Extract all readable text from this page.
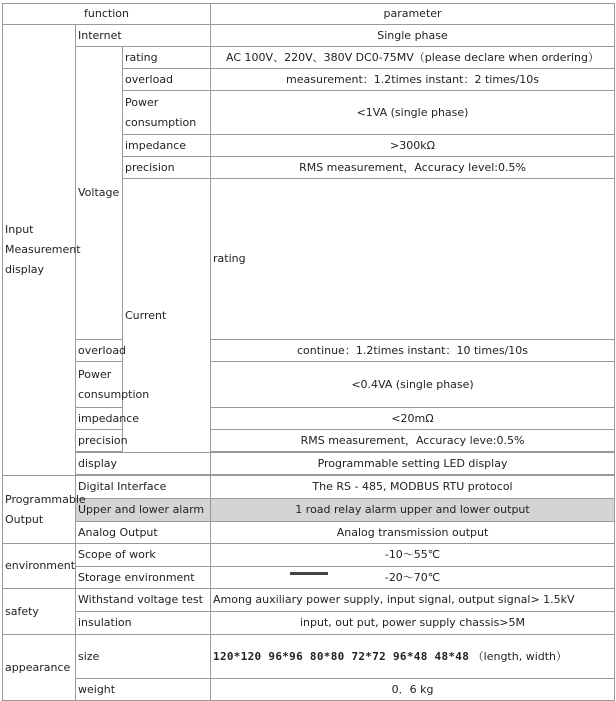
function			parameter	
Input Measurement display	Internet		Single phase	
	Voltage	rating	AC 100V、220V、380V DC0-75MV（please declare when ordering）	
		overload	measurement：1.2times instant：2 times/10s	
		Power consumption	<1VA (single phase)	
		impedance	>300kΩ	
		precision	RMS measurement，Accuracy level:0.5%	
		Current	rating	
	overload		continue：1.2times instant：10 times/10s	
	Power consumption		<0.4VA (single phase)	
	impedance		<20mΩ	
	precision		RMS measurement，Accuracy leve:0.5%	

	display		Programmable setting LED display	

Programmable Output	Digital Interface		The RS - 485, MODBUS RTU protocol	
	Upper and lower alarm		1 road relay alarm upper and lower output	
	Analog Output		Analog transmission output	
environment	Scope of work		-10～55℃	
	Storage environment		-20～70℃	
safety	Withstand voltage test		Among auxiliary power supply, input signal, output signal> 1.5kV	
	insulation		input, out put, power supply chassis>5M	
appearance	size		120*120 96*96 80*80 72*72 96*48 48*48 （length, width）	
	weight		0．6 kg	
